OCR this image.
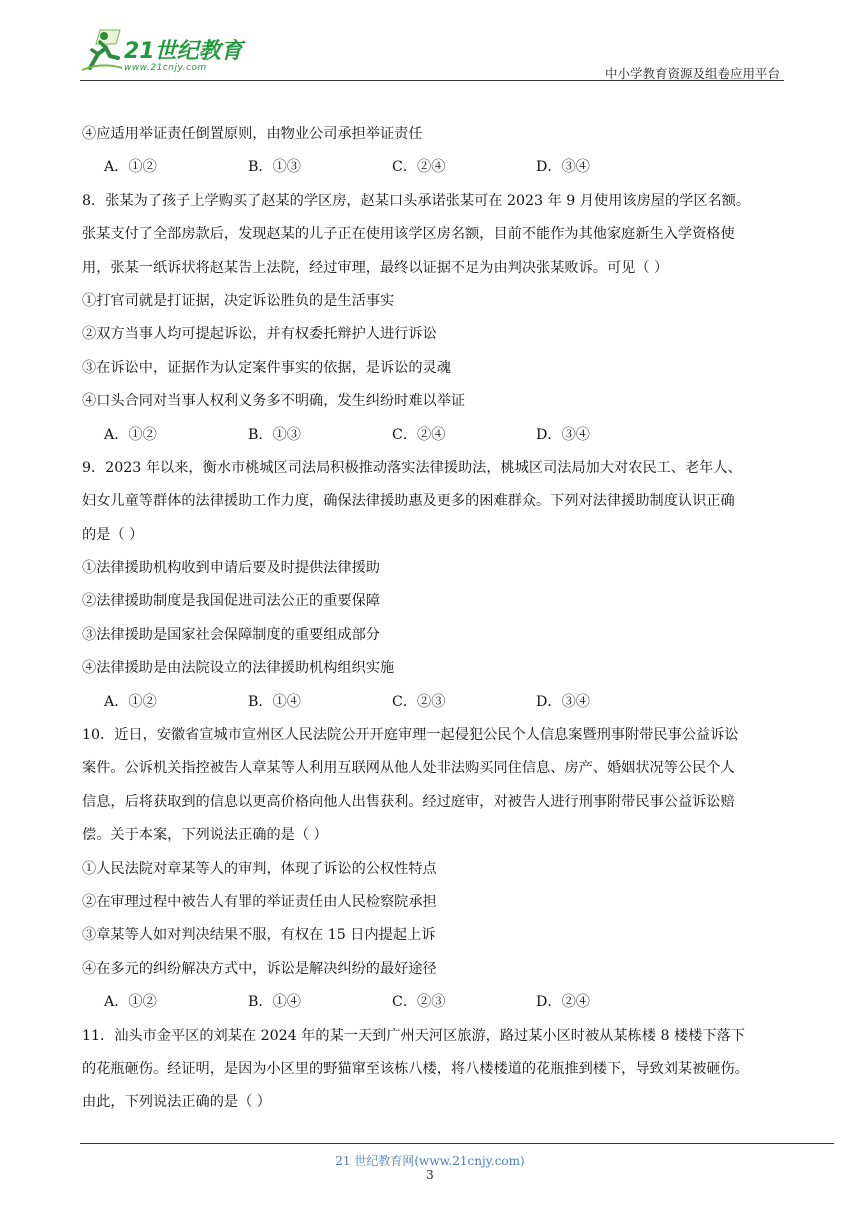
21世纪教育
www.21cnjy.com	中小学教育资源及组卷应用平台
④应适用举证责任倒置原则，由物业公司承担举证责任
A．①②	B．①③	C．②④	D．③④
8．张某为了孩子上学购买了赵某的学区房，赵某口头承诺张某可在 2023 年 9 月使用该房屋的学区名额。
张某支付了全部房款后，发现赵某的儿子正在使用该学区房名额，目前不能作为其他家庭新生入学资格使
用，张某一纸诉状将赵某告上法院，经过审理，最终以证据不足为由判决张某败诉。可见（ ）
①打官司就是打证据，决定诉讼胜负的是生活事实
②双方当事人均可提起诉讼，并有权委托辩护人进行诉讼
③在诉讼中，证据作为认定案件事实的依据，是诉讼的灵魂
④口头合同对当事人权利义务多不明确，发生纠纷时难以举证
A．①②	B．①③	C．②④	D．③④
9．2023 年以来，衡水市桃城区司法局积极推动落实法律援助法，桃城区司法局加大对农民工、老年人、
妇女儿童等群体的法律援助工作力度，确保法律援助惠及更多的困难群众。下列对法律援助制度认识正确
的是（ ）
①法律援助机构收到申请后要及时提供法律援助
②法律援助制度是我国促进司法公正的重要保障
③法律援助是国家社会保障制度的重要组成部分
④法律援助是由法院设立的法律援助机构组织实施
A．①②	B．①④	C．②③	D．③④
10．近日，安徽省宣城市宣州区人民法院公开开庭审理一起侵犯公民个人信息案暨刑事附带民事公益诉讼
案件。公诉机关指控被告人章某等人利用互联网从他人处非法购买同住信息、房产、婚姻状况等公民个人
信息，后将获取到的信息以更高价格向他人出售获利。经过庭审，对被告人进行刑事附带民事公益诉讼赔
偿。关于本案，下列说法正确的是（ ）
①人民法院对章某等人的审判，体现了诉讼的公权性特点
②在审理过程中被告人有罪的举证责任由人民检察院承担
③章某等人如对判决结果不服，有权在 15 日内提起上诉
④在多元的纠纷解决方式中，诉讼是解决纠纷的最好途径
A．①②	B．①④	C．②③	D．②④
11．汕头市金平区的刘某在 2024 年的某一天到广州天河区旅游，路过某小区时被从某栋楼 8 楼楼下落下
的花瓶砸伤。经证明，是因为小区里的野猫窜至该栋八楼，将八楼楼道的花瓶推到楼下，导致刘某被砸伤。
由此，下列说法正确的是（ ）
21 世纪教育网(www.21cnjy.com)
3
